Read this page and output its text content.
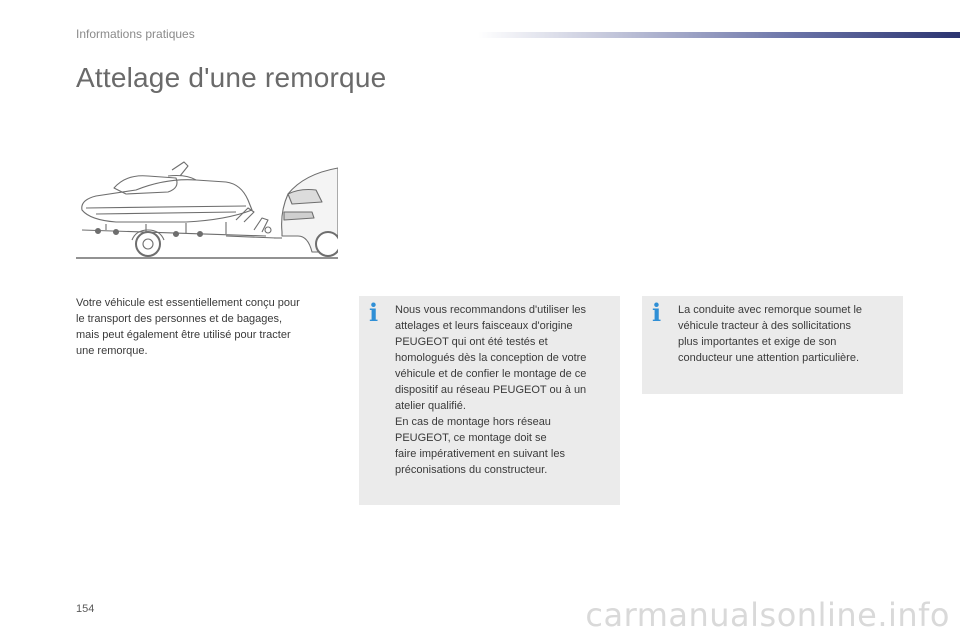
Informations pratiques
Attelage d'une remorque

Votre véhicule est essentiellement conçu pour
le transport des personnes et de bagages,
mais peut également être utilisé pour tracter
une remorque.

i Nous vous recommandons d'utiliser les

attelages et leurs faisceaux d'origine

PEUGEOT qui ont été testés et

homologués dès la conception de votre

véhicule et de confier le montage de ce

dispositif au réseau PEUGEOT ou à un

atelier qualifié.

En cas de montage hors réseau

PEUGEOT, ce montage doit se

faire impérativement en suivant les

préconisations du constructeur.

i La conduite avec remorque soumet le

véhicule tracteur à des sollicitations

plus importantes et exige de son

conducteur une attention particulière.

154	carmanualsonline.info
